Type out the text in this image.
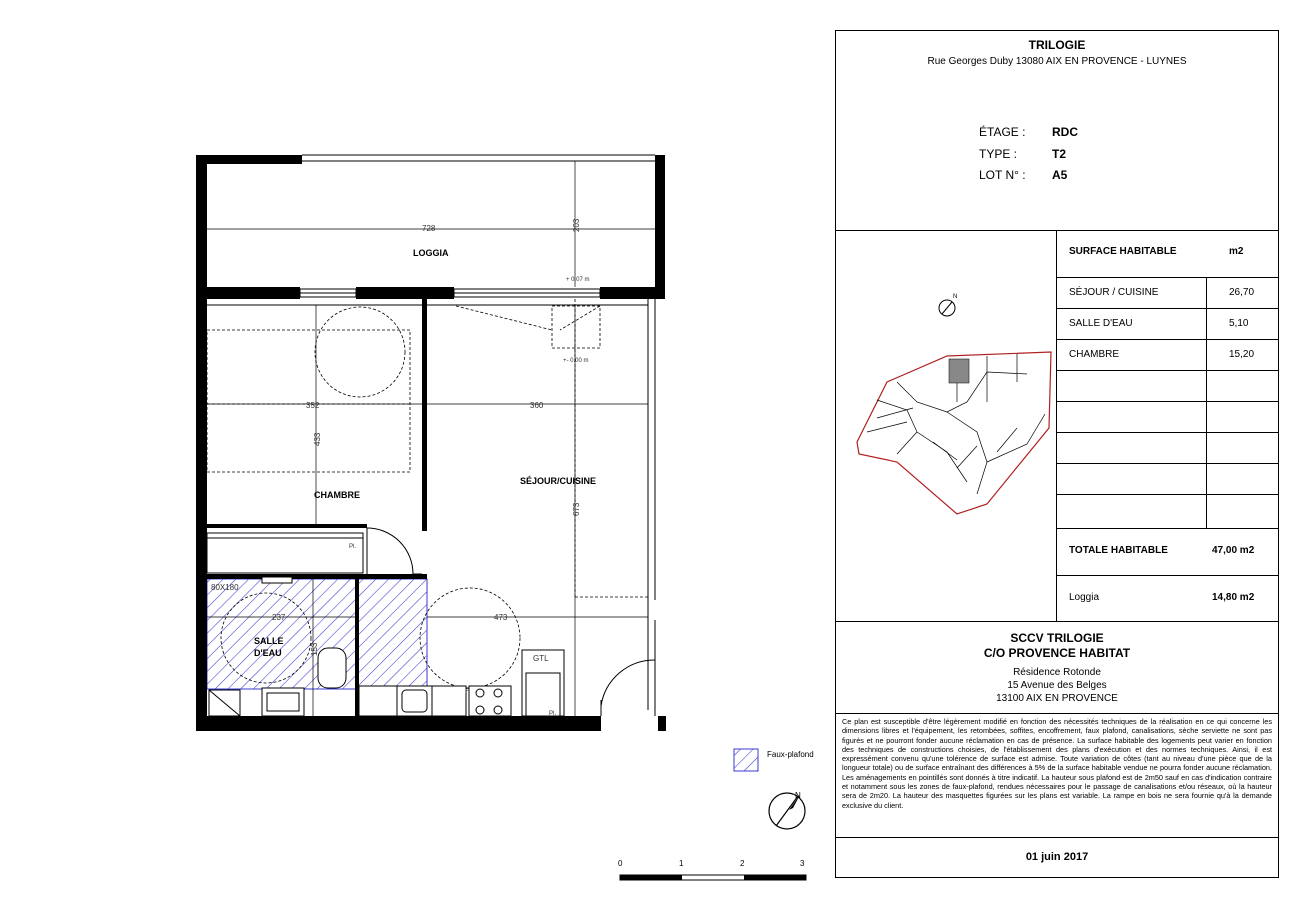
LOGGIA
CHAMBRE
SÉJOUR/CUISINE
SALLE
D'EAU
728	203
352
433
360
673
473
237
153
+ 0.07 m
+- 0.00 m
80X180
GTL
Pl.
Pl.
F
N
Faux-plafond
0	1	2	3
TRILOGIE
Rue Georges Duby 13080 AIX EN PROVENCE - LUYNES
ÉTAGE : RDC
TYPE :	T2
LOT N° : A5
N
SURFACE HABITABLE	m2
SÉJOUR / CUISINE	26,70
SALLE D'EAU	5,10
CHAMBRE	15,20
TOTALE HABITABLE	47,00 m2
Loggia	14,80 m2
SCCV TRILOGIE
C/O PROVENCE HABITAT
Résidence Rotonde
15 Avenue des Belges
13100 AIX EN PROVENCE
Ce plan est susceptible d'être légèrement modifié en fonction des nécessités techniques de la réalisation en ce qui concerne les dimensions libres et l'équipement, les retombées, soffites, encoffrement, faux plafond, canalisations, sèche serviette ne sont pas figurés et ne pourront fonder aucune réclamation en cas de présence. La surface habitable des logements peut varier en fonction des techniques de constructions choisies, de l'établissement des plans d'exécution et des normes techniques. Ainsi, il est expressément convenu qu'une tolérence de surface est admise. Toute variation de côtes (tant au niveau d'une pièce que de la longueur totale) ou de surface entraînant des différences à 5% de la surface habitable vendue ne pourra fonder aucune réclamation. Les aménagements en pointillés sont donnés à titre indicatif. La hauteur sous plafond est de 2m50 sauf en cas d'indication contraire et notamment sous les zones de faux-plafond, rendues nécessaires pour le passage de canalisations et/ou réseaux, où la hauteur sera de 2m20. La hauteur des masquettes figurées sur les plans est variable. La rampe en bois ne sera fournie qu'à la demande exclusive du client.
01 juin 2017
